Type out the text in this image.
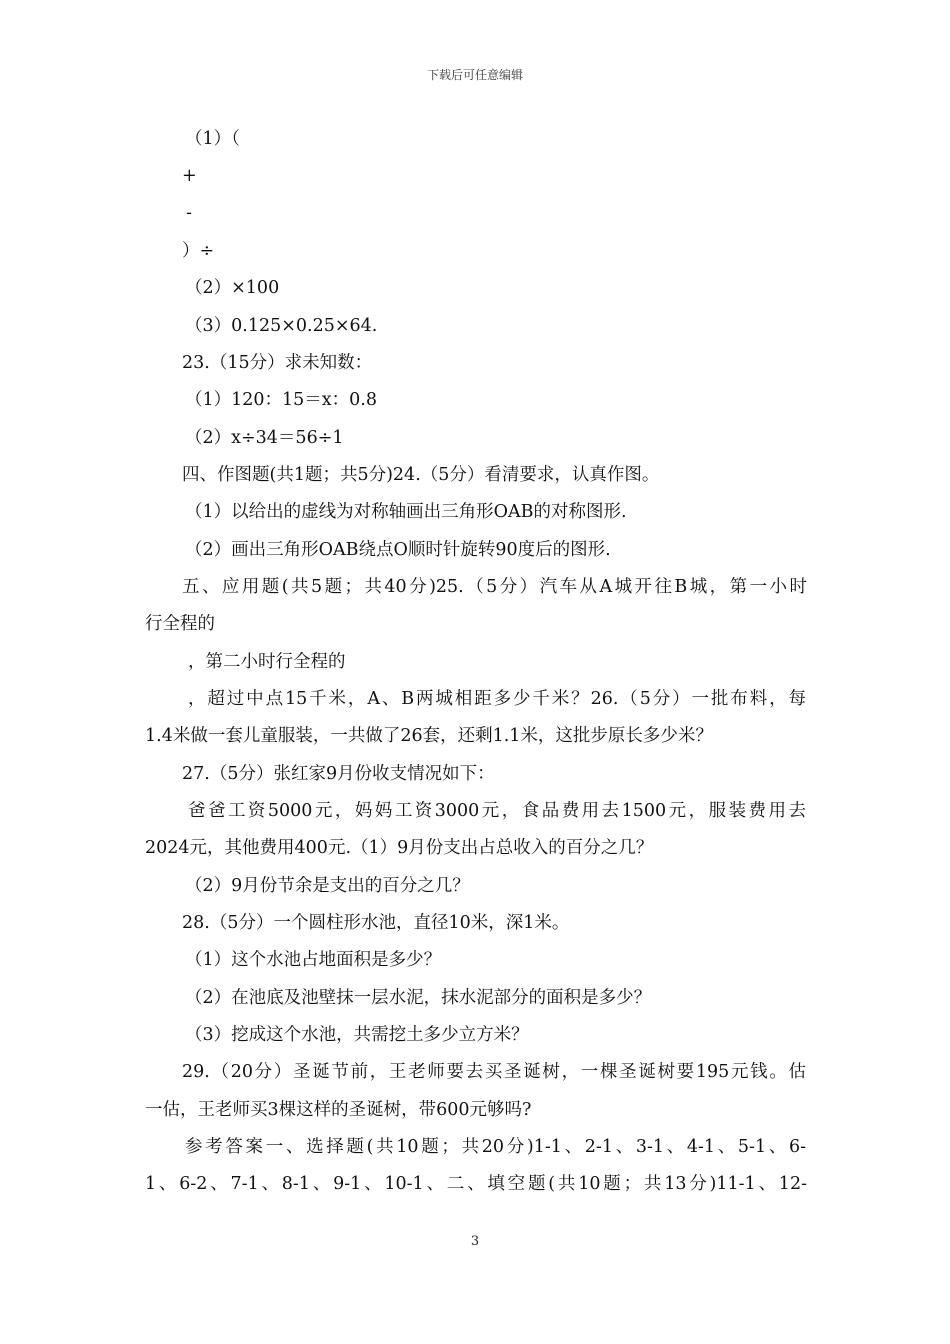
下载后可任意编辑
（1）（
+
-
）÷
（2）×100
（3）0.125×0.25×64.
23.（15分）求未知数：
（1）120：15＝x：0.8
（2）x÷34＝56÷1
四、作图题(共1题；共5分)24.（5分）看清要求，认真作图。
（1）以给出的虚线为对称轴画出三角形OAB的对称图形.
（2）画出三角形OAB绕点O顺时针旋转90度后的图形.
五、应用题(共5题；共40分)25.（5分）汽车从A城开往B城，第一小时
行全程的
，第二小时行全程的
，超过中点15千米，A、B两城相距多少千米？26.（5分）一批布料，每
1.4米做一套儿童服装，一共做了26套，还剩1.1米，这批步原长多少米？
27.（5分）张红家9月份收支情况如下：
爸爸工资5000元，妈妈工资3000元，食品费用去1500元，服装费用去
2024元，其他费用400元.（1）9月份支出占总收入的百分之几？
（2）9月份节余是支出的百分之几？
28.（5分）一个圆柱形水池，直径10米，深1米。
（1）这个水池占地面积是多少？
（2）在池底及池壁抹一层水泥，抹水泥部分的面积是多少？
（3）挖成这个水池，共需挖土多少立方米？
29.（20分）圣诞节前，王老师要去买圣诞树，一棵圣诞树要195元钱。估
一估，王老师买3棵这样的圣诞树，带600元够吗?
参考答案一、选择题(共10题；共20分)1-1、2-1、3-1、4-1、5-1、6-
1、6-2、7-1、8-1、9-1、10-1、二、填空题(共10题；共13分)11-1、12-
3
